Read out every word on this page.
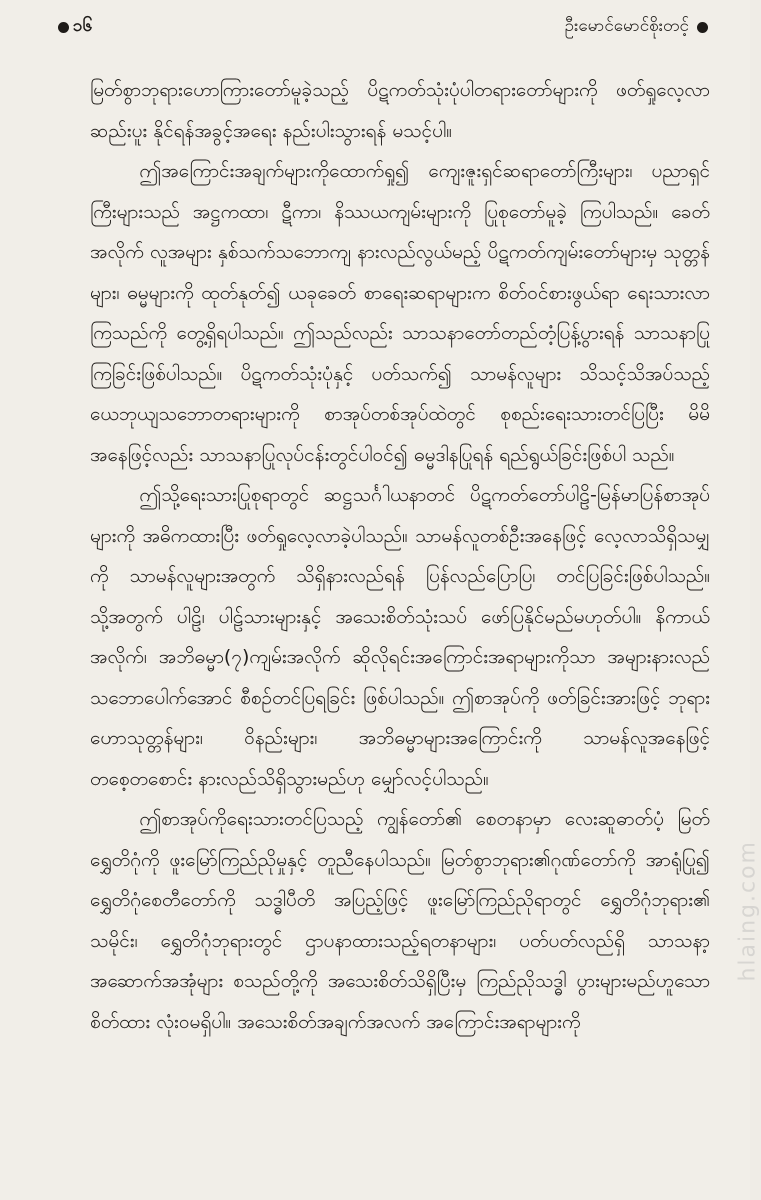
၁၆	ဦးမောင်မောင်စိုးတင့်

မြတ်စွာဘုရားဟောကြားတော်မူခဲ့သည့် ပိဋကတ်သုံးပုံပါတရားတော်များကို ဖတ်ရှုလေ့လာဆည်းပူး နိုင်ရန်အခွင့်အရေး နည်းပါးသွားရန် မသင့်ပါ။

ဤအကြောင်းအချက်များကိုထောက်ရှု၍ ကျေးဇူးရှင်ဆရာတော်ကြီးများ၊ ပညာရှင်ကြီးများသည် အဋ္ဌကထာ၊ ဋီကာ၊ နိဿယကျမ်းများကို ပြုစုတော်မူခဲ့ ကြပါသည်။ ခေတ်အလိုက် လူအများ နှစ်သက်သဘောကျ နားလည်လွယ်မည့် ပိဋကတ်ကျမ်းတော်များမှ သုတ္တန်များ၊ ဓမ္မများကို ထုတ်နုတ်၍ ယခုခေတ် စာရေးဆရာများက စိတ်ဝင်စားဖွယ်ရာ ရေးသားလာကြသည်ကို တွေ့ရှိရပါသည်။ ဤသည်လည်း သာသနာတော်တည်တံ့ပြန့်ပွားရန် သာသနာပြုကြခြင်းဖြစ်ပါသည်။ ပိဋကတ်သုံးပုံနှင့် ပတ်သက်၍ သာမန်လူများ သိသင့်သိအပ်သည့် ယေဘုယျသဘောတရားများကို စာအုပ်တစ်အုပ်ထဲတွင် စုစည်းရေးသားတင်ပြပြီး မိမိအနေဖြင့်လည်း သာသနာပြုလုပ်ငန်းတွင်ပါဝင်၍ ဓမ္မဒါနပြုရန် ရည်ရွယ်ခြင်းဖြစ်ပါ သည်။

ဤသို့ရေးသားပြုစုရာတွင် ဆဋ္ဌသင်္ဂါယနာတင် ပိဋကတ်တော်ပါဠိ-မြန်မာပြန်စာအုပ်များကို အဓိကထားပြီး ဖတ်ရှုလေ့လာခဲ့ပါသည်။ သာမန်လူတစ်ဦးအနေဖြင့် လေ့လာသိရှိသမျှကို သာမန်လူများအတွက် သိရှိနားလည်ရန် ပြန်လည်ပြောပြ၊ တင်ပြခြင်းဖြစ်ပါသည်။ သို့အတွက် ပါဠိ၊ ပါဠ်သားများနှင့် အသေးစိတ်သုံးသပ် ဖော်ပြနိုင်မည်မဟုတ်ပါ။ နိကာယ်အလိုက်၊ အဘိဓမ္မာ(၇)ကျမ်းအလိုက် ဆိုလိုရင်းအကြောင်းအရာများကိုသာ အများနားလည်သဘောပေါက်အောင် စီစဉ်တင်ပြရခြင်း ဖြစ်ပါသည်။ ဤစာအုပ်ကို ဖတ်ခြင်းအားဖြင့် ဘုရားဟောသုတ္တန်များ၊ ဝိနည်းများ၊ အဘိဓမ္မာများအကြောင်းကို သာမန်လူအနေဖြင့် တစေ့တစောင်း နားလည်သိရှိသွားမည်ဟု မျှော်လင့်ပါသည်။

ဤစာအုပ်ကိုရေးသားတင်ပြသည့် ကျွန်တော်၏ စေတနာမှာ လေးဆူဓာတ်ပံ့ မြတ်ရွှေတိဂုံကို ဖူးမြော်ကြည်ညိုမှုနှင့် တူညီနေပါသည်။ မြတ်စွာဘုရား၏ဂုဏ်တော်ကို အာရုံပြု၍ ရွှေတိဂုံစေတီတော်ကို သဒ္ဓါပီတိ အပြည့်ဖြင့် ဖူးမြော်ကြည်ညိုရာတွင် ရွှေတိဂုံဘုရား၏ သမိုင်း၊ ရွှေတိဂုံဘုရားတွင် ဌာပနာထားသည့်ရတနာများ၊ ပတ်ပတ်လည်ရှိ သာသနာ့ အဆောက်အအုံများ စသည်တို့ကို အသေးစိတ်သိရှိပြီးမှ ကြည်ညိုသဒ္ဓါ ပွားများမည်ဟူသော စိတ်ထား လုံးဝမရှိပါ။ အသေးစိတ်အချက်အလက် အကြောင်းအရာများကို

hlaing.com
